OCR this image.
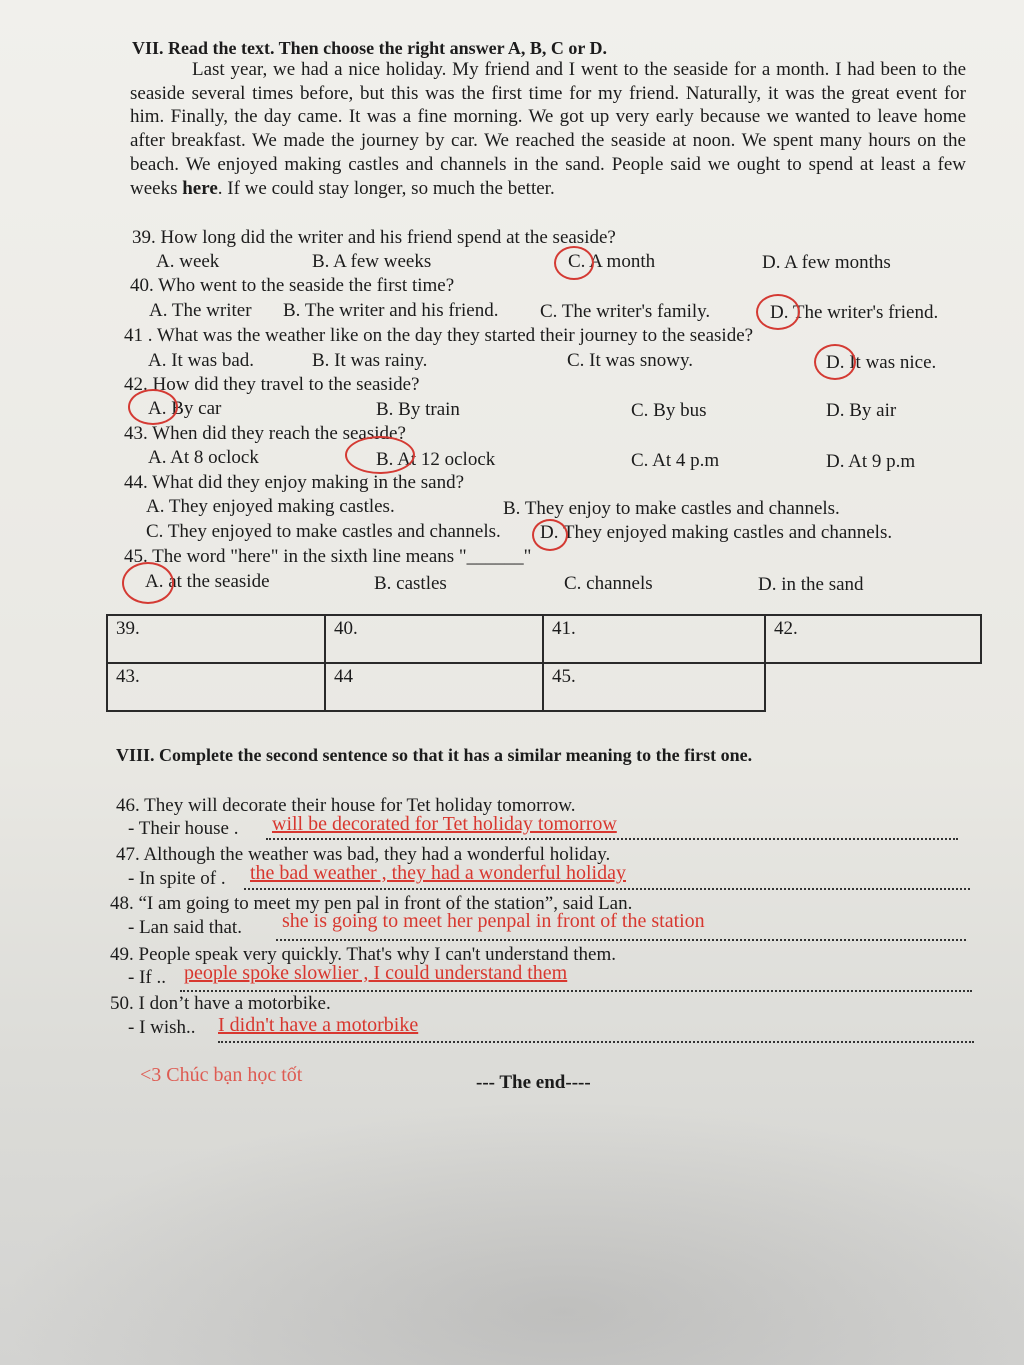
VII. Read the text. Then choose the right answer A, B, C or D.
Last year, we had a nice holiday. My friend and I went to the seaside for a month. I had been to the seaside several times before, but this was the first time for my friend. Naturally, it was the great event for him. Finally, the day came. It was a fine morning. We got up very early because we wanted to leave home after breakfast. We made the journey by car. We reached the seaside at noon. We spent many hours on the beach. We enjoyed making castles and channels in the sand. People said we ought to spend at least a few weeks here. If we could stay longer, so much the better.
39. How long did the writer and his friend spend at the seaside?
A. week	B. A few weeks	C. A month	D. A few months
40. Who went to the seaside the first time?
A. The writer B. The writer and his friend. C. The writer's family.	D. The writer's friend.
41 . What was the weather like on the day they started their journey to the seaside?
A. It was bad.	B. It was rainy.	C. It was snowy.	D. It was nice.
42. How did they travel to the seaside?
A. By car	B. By train	C. By bus	D. By air
43. When did they reach the seaside?
A. At 8 oclock	B. At 12 oclock	C. At 4 p.m	D. At 9 p.m
44. What did they enjoy making in the sand?
A. They enjoyed making castles.	B. They enjoy to make castles and channels.
C. They enjoyed to make castles and channels. D. They enjoyed making castles and channels.
45. The word "here" in the sixth line means "______"
A. at the seaside	B. castles	C. channels	D. in the sand
39.	40.	41.	42.
43.	44	45.	
VIII. Complete the second sentence so that it has a similar meaning to the first one.
46. They will decorate their house for Tet holiday tomorrow.
- Their house . will be decorated for Tet holiday tomorrow
47. Although the weather was bad, they had a wonderful holiday.
- In spite of . the bad weather , they had a wonderful holiday
48. “I am going to meet my pen pal in front of the station”, said Lan.
- Lan said that. she is going to meet her penpal in front of the station
49. People speak very quickly. That's why I can't understand them.
- If .. people spoke slowlier , I could understand them
50. I don’t have a motorbike.
- I wish.. I didn't have a motorbike
<3 Chúc bạn học tốt	--- The end----
